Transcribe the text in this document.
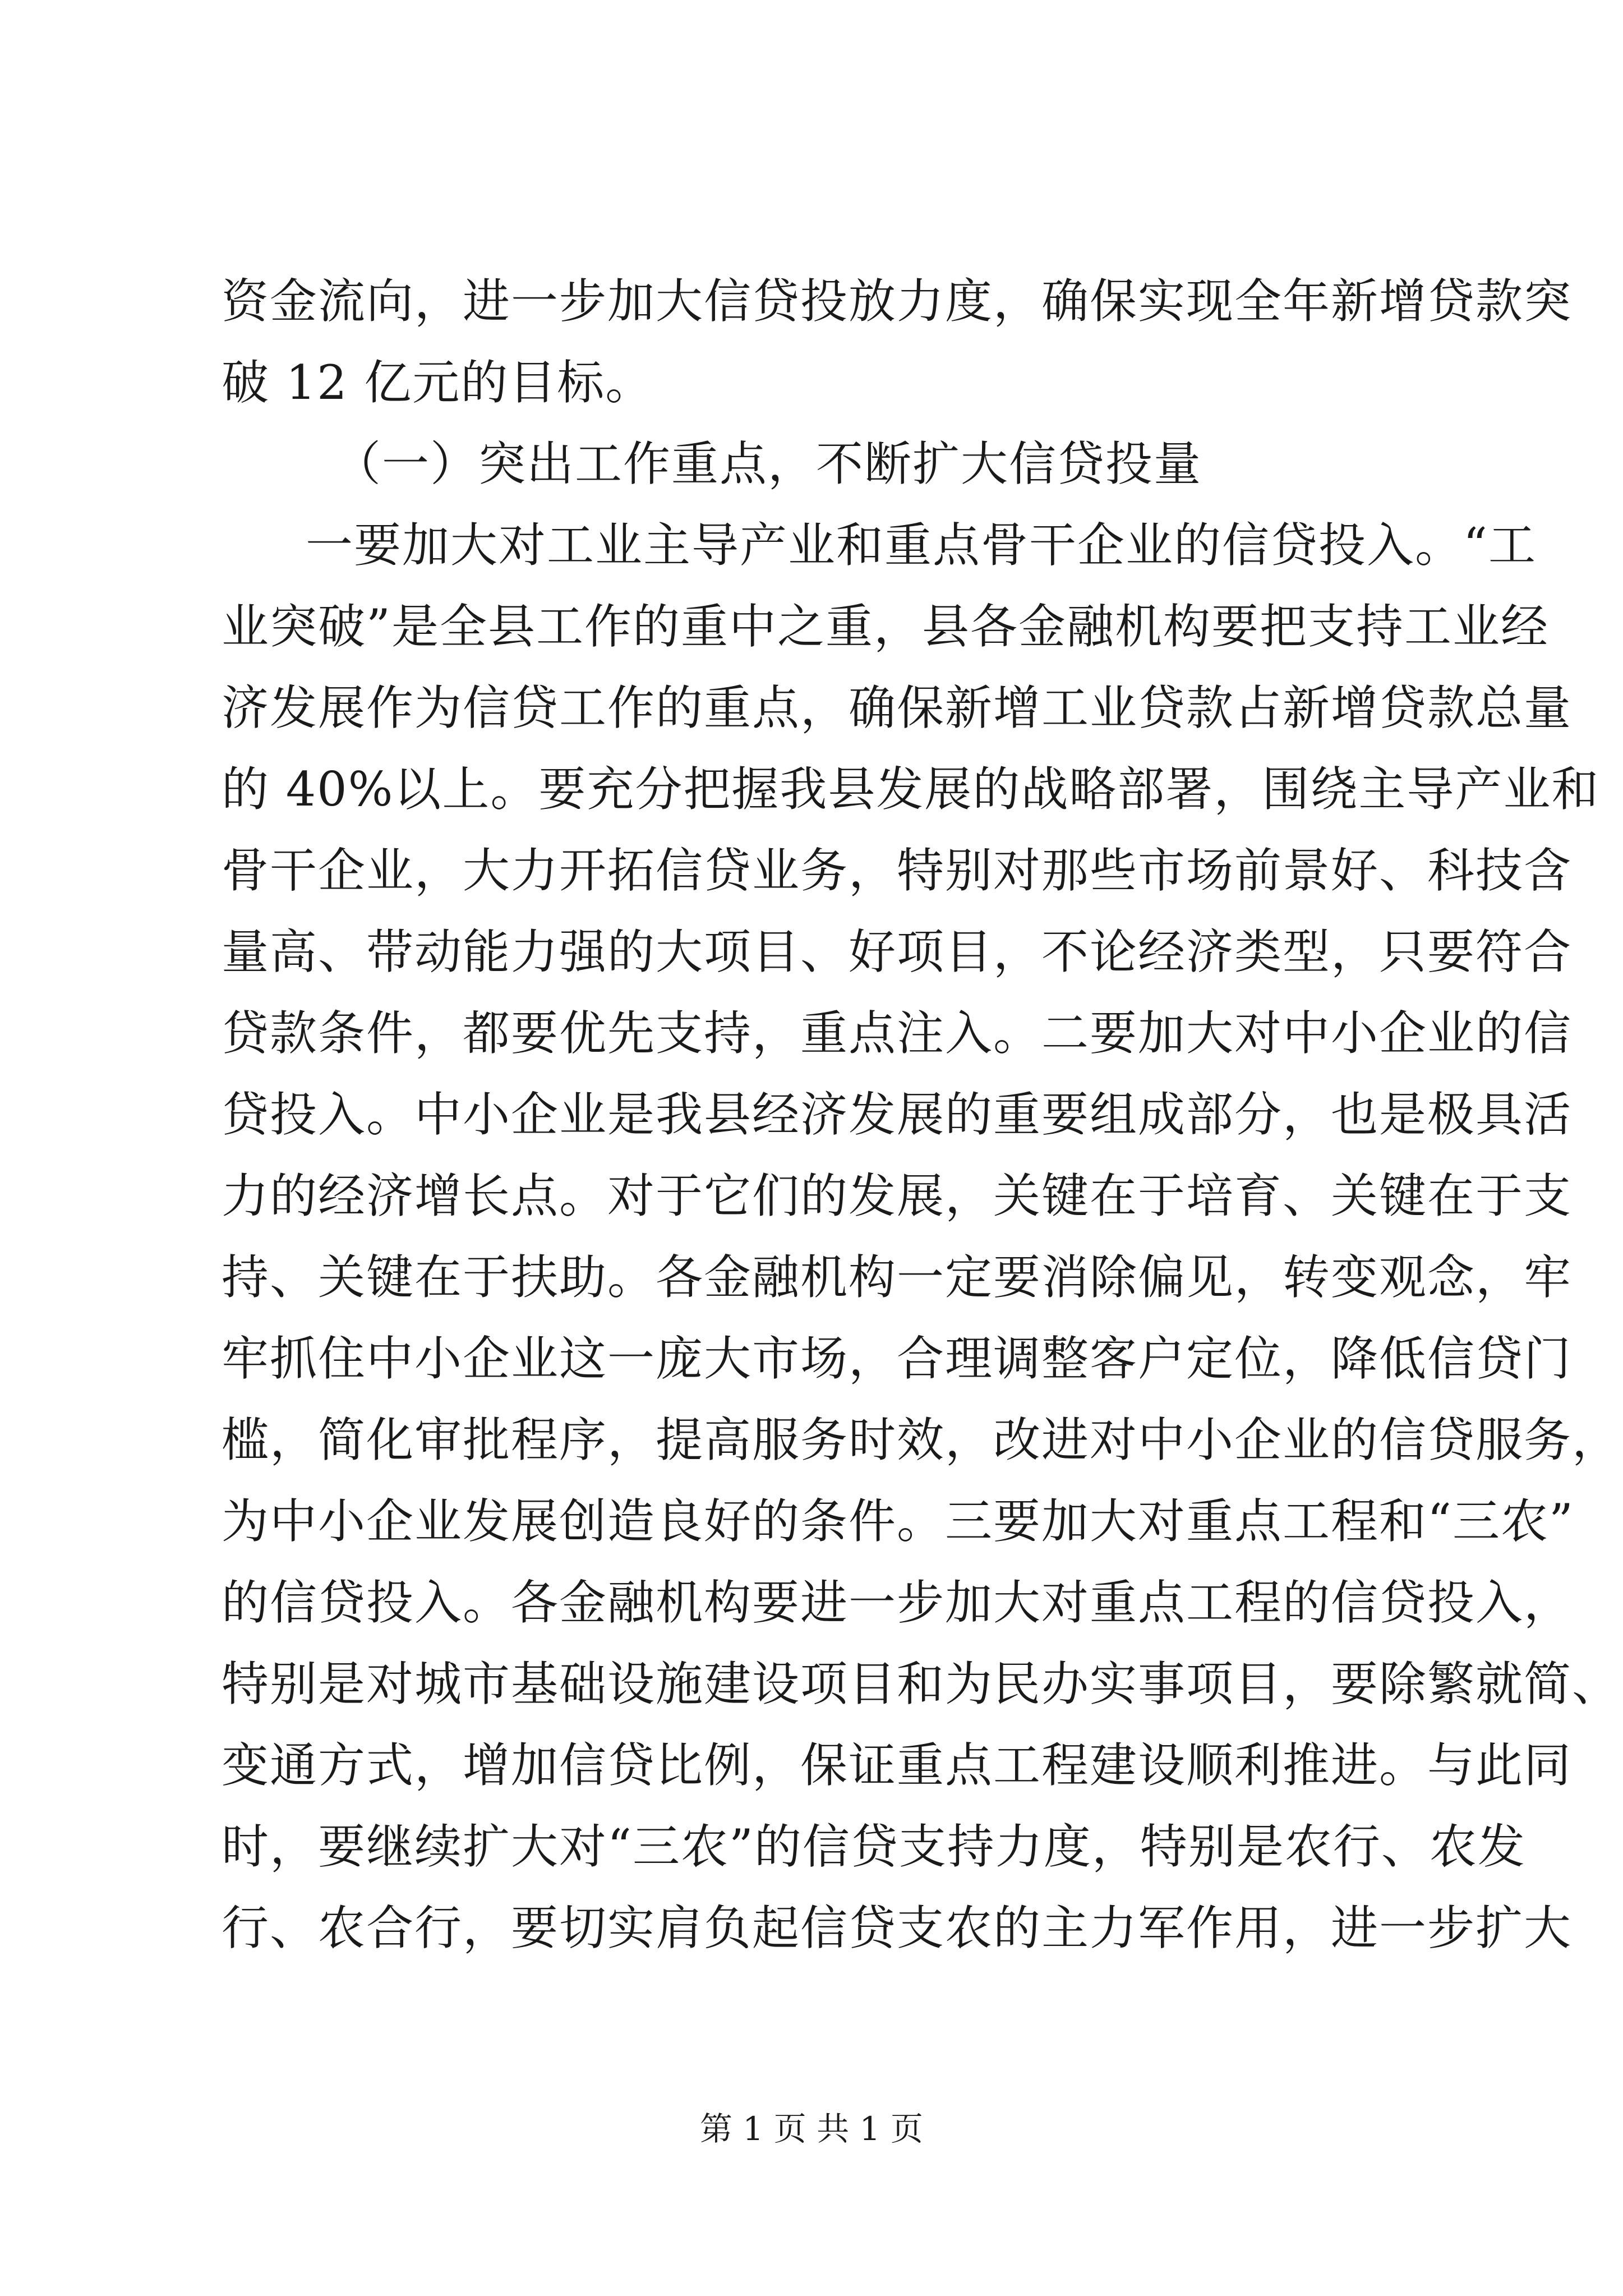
资金流向，进一步加大信贷投放力度，确保实现全年新增贷款突
破 12 亿元的目标。
（一）突出工作重点，不断扩大信贷投量
一要加大对工业主导产业和重点骨干企业的信贷投入。“工
业突破”是全县工作的重中之重，县各金融机构要把支持工业经
济发展作为信贷工作的重点，确保新增工业贷款占新增贷款总量
的 40%以上。要充分把握我县发展的战略部署，围绕主导产业和
骨干企业，大力开拓信贷业务，特别对那些市场前景好、科技含
量高、带动能力强的大项目、好项目，不论经济类型，只要符合
贷款条件，都要优先支持，重点注入。二要加大对中小企业的信
贷投入。中小企业是我县经济发展的重要组成部分，也是极具活
力的经济增长点。对于它们的发展，关键在于培育、关键在于支
持、关键在于扶助。各金融机构一定要消除偏见，转变观念，牢
牢抓住中小企业这一庞大市场，合理调整客户定位，降低信贷门
槛，简化审批程序，提高服务时效，改进对中小企业的信贷服务，
为中小企业发展创造良好的条件。三要加大对重点工程和“三农”
的信贷投入。各金融机构要进一步加大对重点工程的信贷投入，
特别是对城市基础设施建设项目和为民办实事项目，要除繁就简、
变通方式，增加信贷比例，保证重点工程建设顺利推进。与此同
时，要继续扩大对“三农”的信贷支持力度，特别是农行、农发
行、农合行，要切实肩负起信贷支农的主力军作用，进一步扩大
第 1 页 共 1 页
